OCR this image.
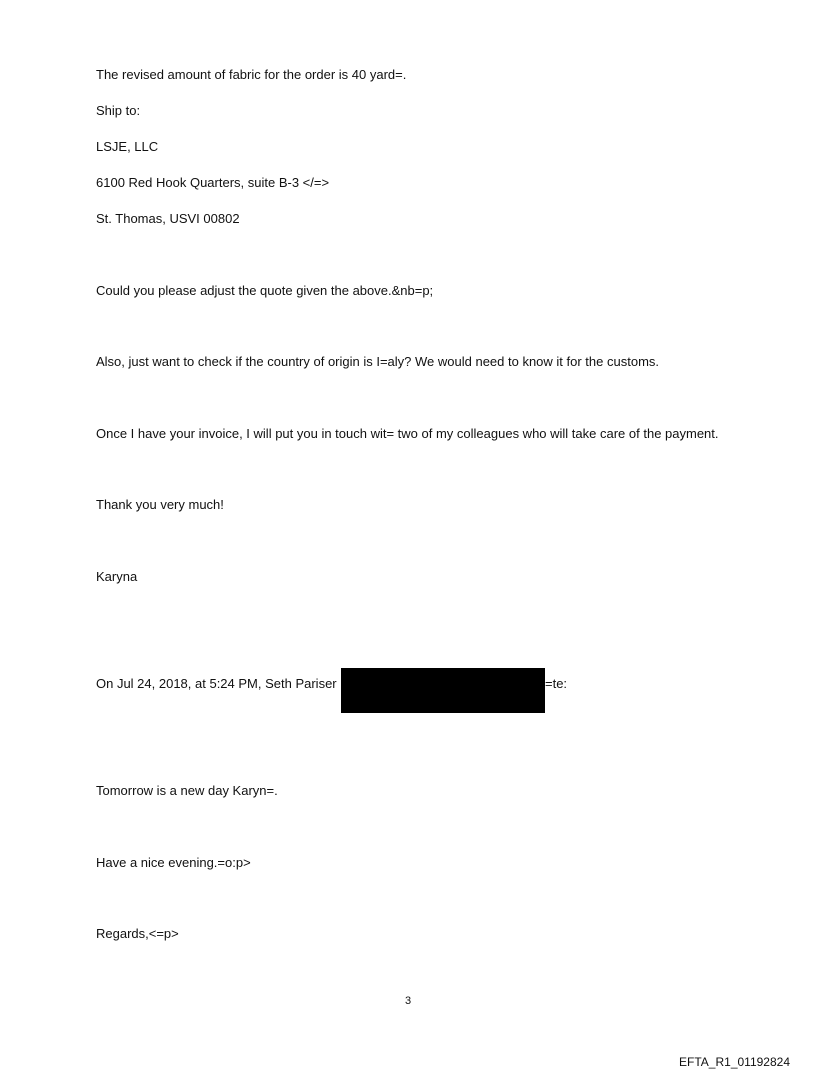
The revised amount of fabric for the order is 40 yard=.
Ship to:
LSJE, LLC
6100 Red Hook Quarters, suite B-3 </=>
St. Thomas, USVI 00802
Could you please adjust the quote given the above.&nb=p;
Also, just want to check if the country of origin is I=aly? We would need to know it for the customs.
Once I have your invoice, I will put you in touch wit= two of my colleagues who will take care of the payment.
Thank you very much!
Karyna
On Jul 24, 2018, at 5:24 PM, Seth Pariser	=te:
Tomorrow is a new day Karyn=.
Have a nice evening.=o:p>
Regards,<=p>
3
EFTA_R1_01192824
